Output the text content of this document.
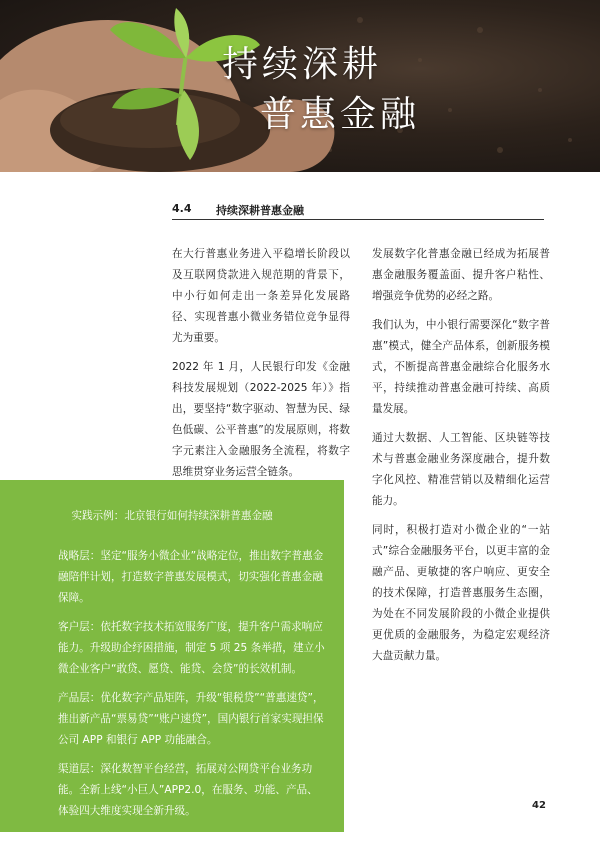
持续深耕
普惠金融
4.4 持续深耕普惠金融

在大行普惠业务进入平稳增长阶段以及互联网贷款进入规范期的背景下，中小行如何走出一条差异化发展路径、实现普惠小微业务错位竞争显得尤为重要。

2022 年 1 月，人民银行印发《金融科技发展规划（2022-2025 年）》指出，要坚持“数字驱动、智慧为民、绿色低碳、公平普惠”的发展原则，将数字元素注入金融服务全流程，将数字思维贯穿业务运营全链条。

发展数字化普惠金融已经成为拓展普惠金融服务覆盖面、提升客户粘性、增强竞争优势的必经之路。

我们认为，中小银行需要深化“数字普惠”模式，健全产品体系，创新服务模式，不断提高普惠金融综合化服务水平，持续推动普惠金融可持续、高质量发展。

通过大数据、人工智能、区块链等技术与普惠金融业务深度融合，提升数字化风控、精准营销以及精细化运营能力。

同时，积极打造对小微企业的“一站式”综合金融服务平台，以更丰富的金融产品、更敏捷的客户响应、更安全的技术保障，打造普惠服务生态圈，为处在不同发展阶段的小微企业提供更优质的金融服务，为稳定宏观经济大盘贡献力量。

实践示例：北京银行如何持续深耕普惠金融

战略层：坚定“服务小微企业”战略定位，推出数字普惠金融陪伴计划，打造数字普惠发展模式，切实强化普惠金融保障。

客户层：依托数字技术拓宽服务广度，提升客户需求响应能力。升级助企纾困措施，制定 5 项 25 条举措，建立小微企业客户“敢贷、愿贷、能贷、会贷”的长效机制。

产品层：优化数字产品矩阵，升级“银税贷”“普惠速贷”，推出新产品“票易贷”“账户速贷”，国内银行首家实现担保公司 APP 和银行 APP 功能融合。

渠道层：深化数智平台经营，拓展对公网贷平台业务功能。全新上线“小巨人”APP2.0，在服务、功能、产品、体验四大维度实现全新升级。	42
